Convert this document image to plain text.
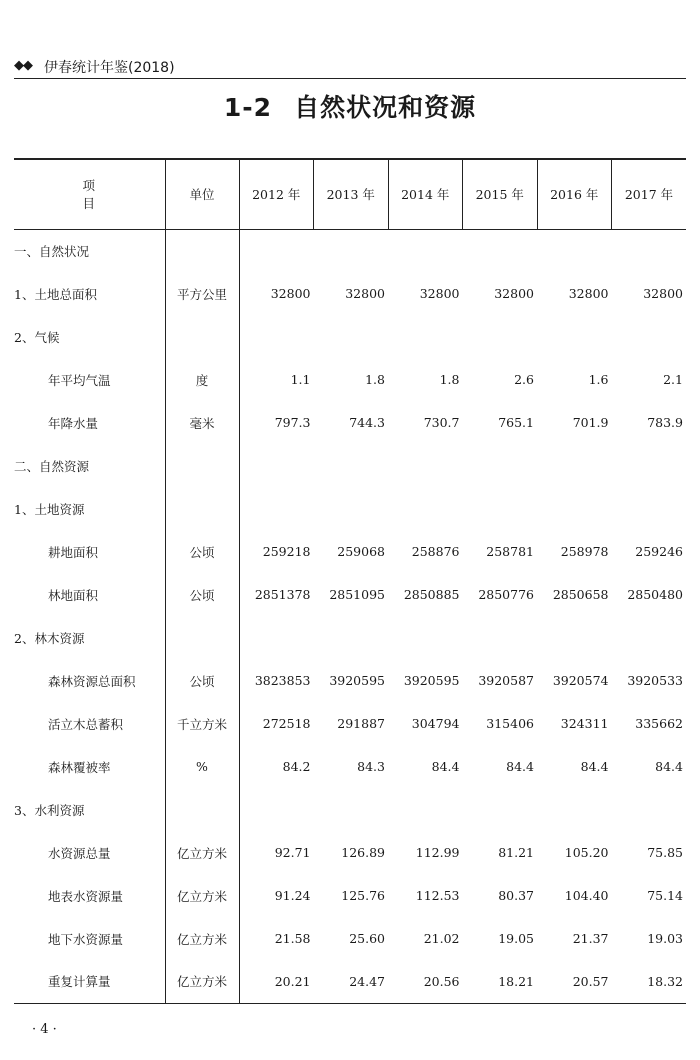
◆◆ 伊春统计年鉴(2018)
1-2 自然状况和资源
项　　目	单位	2012 年	2013 年	2014 年	2015 年	2016 年	2017 年
一、自然状况							
1、土地总面积	平方公里	32800	32800	32800	32800	32800	32800
2、气候							
年平均气温	度	1.1	1.8	1.8	2.6	1.6	2.1
年降水量	毫米	797.3	744.3	730.7	765.1	701.9	783.9
二、自然资源							
1、土地资源							
耕地面积	公顷	259218	259068	258876	258781	258978	259246
林地面积	公顷	2851378	2851095	2850885	2850776	2850658	2850480
2、林木资源							
森林资源总面积	公顷	3823853	3920595	3920595	3920587	3920574	3920533
活立木总蓄积	千立方米	272518	291887	304794	315406	324311	335662
森林覆被率	%	84.2	84.3	84.4	84.4	84.4	84.4
3、水利资源							
水资源总量	亿立方米	92.71	126.89	112.99	81.21	105.20	75.85
地表水资源量	亿立方米	91.24	125.76	112.53	80.37	104.40	75.14
地下水资源量	亿立方米	21.58	25.60	21.02	19.05	21.37	19.03
重复计算量	亿立方米	20.21	24.47	20.56	18.21	20.57	18.32
· 4 ·
